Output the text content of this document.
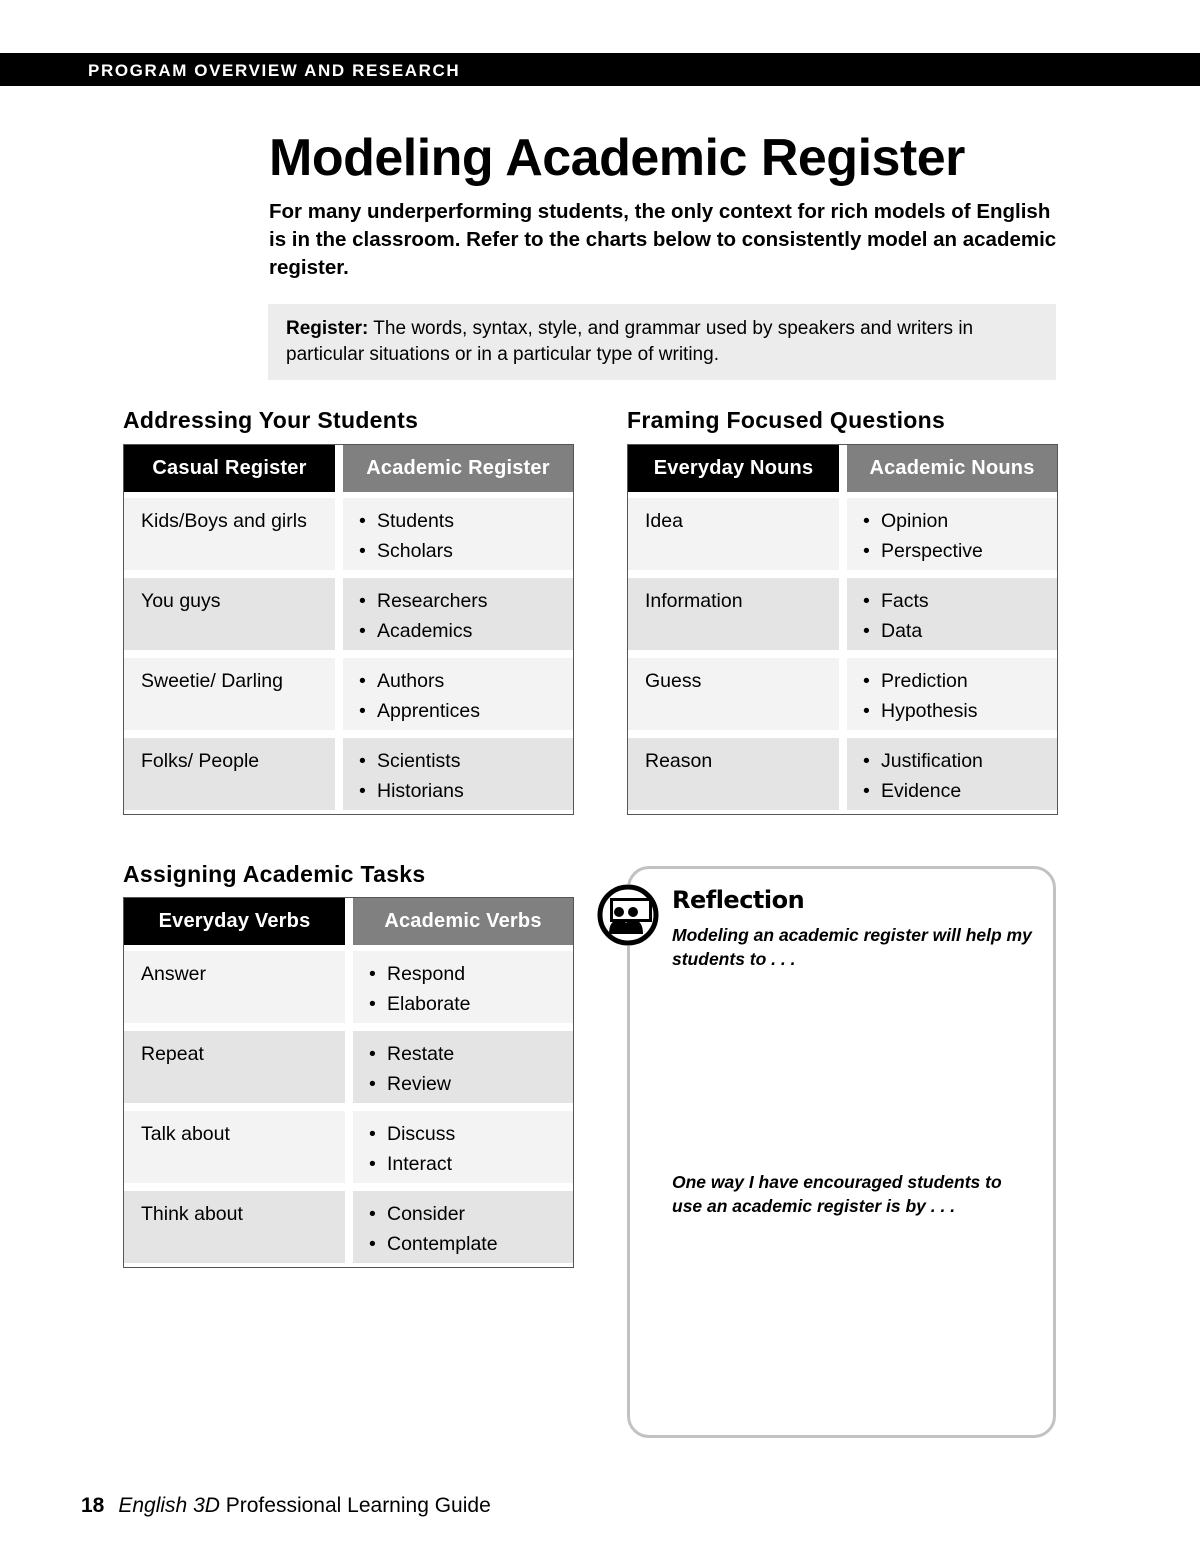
PROGRAM OVERVIEW AND RESEARCH
Modeling Academic Register

For many underperforming students, the only context for rich models of English is in the classroom. Refer to the charts below to consistently model an academic register.

Register: The words, syntax, style, and grammar used by speakers and writers in particular situations or in a particular type of writing.
Addressing Your Students
Casual Register	Academic Register
Kids/Boys and girls	• Students
• Scholars
You guys	• Researchers
• Academics
Sweetie/ Darling	• Authors
• Apprentices
Folks/ People	• Scientists
• Historians
Framing Focused Questions
Everyday Nouns	Academic Nouns
Idea	• Opinion
• Perspective
Information	• Facts
• Data
Guess	• Prediction
• Hypothesis
Reason	• Justification
• Evidence
Assigning Academic Tasks
Everyday Verbs	Academic Verbs
Answer	• Respond
• Elaborate
Repeat	• Restate
• Review
Talk about	• Discuss
• Interact
Think about	• Consider
• Contemplate
Reflection
Modeling an academic register will help my students to . . .
One way I have encouraged students to use an academic register is by . . .
18 English 3D Professional Learning Guide
